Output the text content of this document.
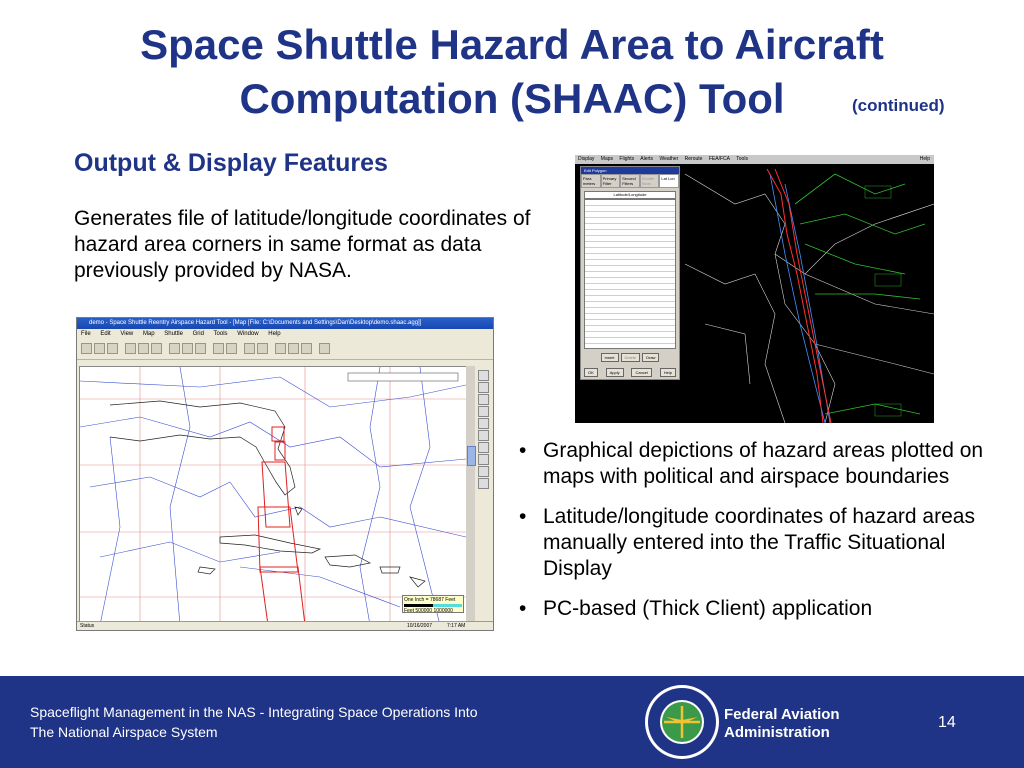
Space Shuttle Hazard Area to Aircraft

Computation (SHAAC) Tool	(continued)
Output & Display Features

Generates file of latitude/longitude coordinates of hazard area corners in same format as data previously provided by NASA.

demo - Space Shuttle Reentry Airspace Hazard Tool - [Map [File: C:\Documents and Settings\Dan\Desktop\demo.shaac.agg]]
File Edit View Map Shuttle Grid Tools Window Help
One Inch = 78687 Feet
Feet 500000 1000000
Status	10/16/2007	7:17 AM
Display Maps Flights Alerts Weather Reroute FEA/FCA Tools	Help
Edit Polygon
Para meters
Primary Filter
Second Filters
Shuttle Stors
Lat Lon
Latitude/Longitude
Insert	Delete	Draw
OK	Apply	Cancel	Help
• Graphical depictions of hazard areas plotted on maps with political and airspace boundaries
• Latitude/longitude coordinates of hazard areas manually entered into the Traffic Situational Display
• PC-based (Thick Client) application
Spaceflight Management in the NAS - Integrating Space Operations Into
The National Airspace System
Federal Aviation
Administration
14
